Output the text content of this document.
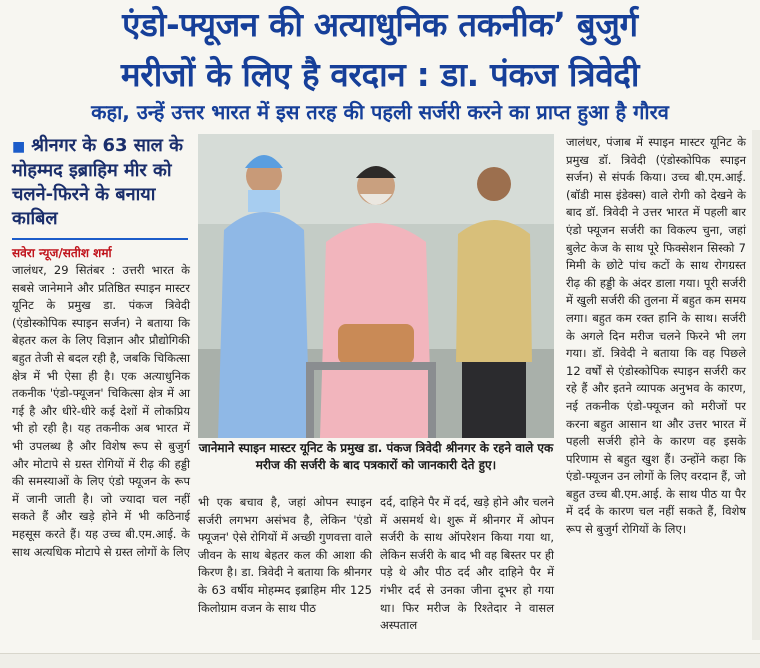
एंडो-फ्यूजन की अत्याधुनिक तकनीक’ बुजुर्ग
मरीजों के लिए है वरदान : डा. पंकज त्रिवेदी
कहा, उन्हें उत्तर भारत में इस तरह की पहली सर्जरी करने का प्राप्त हुआ है गौरव
■ श्रीनगर के 63 साल के मोहम्मद इब्राहिम मीर को चलने-फिरने के बनाया काबिल
सवेरा न्यूज/सतीश शर्मा

जालंधर, 29 सितंबर : उत्तरी भारत के सबसे जानेमाने और प्रतिष्ठित स्पाइन मास्टर यूनिट के प्रमुख डा. पंकज त्रिवेदी (एंडोस्कोपिक स्पाइन सर्जन) ने बताया कि बेहतर कल के लिए विज्ञान और प्रौद्योगिकी बहुत तेजी से बदल रही है, जबकि चिकित्सा क्षेत्र में भी ऐसा ही है। एक अत्याधुनिक तकनीक 'एंडो-फ्यूजन' चिकित्सा क्षेत्र में आ गई है और धीरे-धीरे कई देशों में लोकप्रिय भी हो रही है। यह तकनीक अब भारत में भी उपलब्ध है और विशेष रूप से बुजुर्ग और मोटापे से ग्रस्त रोगियों में रीढ़ की हड्डी की समस्याओं के लिए एंडो फ्यूजन के रूप में जानी जाती है। जो ज्यादा चल नहीं सकते हैं और खड़े होने में भी कठिनाई महसूस करते हैं। यह उच्च बी.एम.आई. के साथ अत्यधिक मोटापे से ग्रस्त लोगों के लिए

जानेमाने स्पाइन मास्टर यूनिट के प्रमुख डा. पंकज त्रिवेदी श्रीनगर के रहने वाले एक मरीज की सर्जरी के बाद पत्रकारों को जानकारी देते हुए।

भी एक बचाव है, जहां ओपन स्पाइन सर्जरी लगभग असंभव है, लेकिन 'एंडो फ्यूजन' ऐसे रोगियों में अच्छी गुणवत्ता वाले जीवन के साथ बेहतर कल की आशा की किरण है। डा. त्रिवेदी ने बताया कि श्रीनगर के 63 वर्षीय मोहम्मद इब्राहिम मीर 125 किलोग्राम वजन के साथ पीठ

दर्द, दाहिने पैर में दर्द, खड़े होने और चलने में असमर्थ थे। शुरू में श्रीनगर में ओपन सर्जरी के साथ ऑपरेशन किया गया था, लेकिन सर्जरी के बाद भी वह बिस्तर पर ही पड़े थे और पीठ दर्द और दाहिने पैर में गंभीर दर्द से उनका जीना दूभर हो गया था। फिर मरीज के रिश्तेदार ने वासल अस्पताल

जालंधर, पंजाब में स्पाइन मास्टर यूनिट के प्रमुख डॉ. त्रिवेदी (एंडोस्कोपिक स्पाइन सर्जन) से संपर्क किया। उच्च बी.एम.आई. (बॉडी मास इंडेक्स) वाले रोगी को देखने के बाद डॉ. त्रिवेदी ने उत्तर भारत में पहली बार एंडो फ्यूजन सर्जरी का विकल्प चुना, जहां बुलेट केज के साथ पूरे फिक्सेशन सिस्को 7 मिमी के छोटे पांच कटों के साथ रोगग्रस्त रीढ़ की हड्डी के अंदर डाला गया। पूरी सर्जरी में खुली सर्जरी की तुलना में बहुत कम समय लगा। बहुत कम रक्त हानि के साथ। सर्जरी के अगले दिन मरीज चलने फिरने भी लग गया। डॉ. त्रिवेदी ने बताया कि वह पिछले 12 वर्षों से एंडोस्कोपिक स्पाइन सर्जरी कर रहे हैं और इतने व्यापक अनुभव के कारण, नई तकनीक एंडो-फ्यूजन को मरीजों पर करना बहुत आसान था और उत्तर भारत में पहली सर्जरी होने के कारण वह इसके परिणाम से बहुत खुश हैं। उन्होंने कहा कि एंडो-फ्यूजन उन लोगों के लिए वरदान हैं, जो बहुत उच्च बी.एम.आई. के साथ पीठ या पैर में दर्द के कारण चल नहीं सकते हैं, विशेष रूप से बुजुर्ग रोगियों के लिए।
